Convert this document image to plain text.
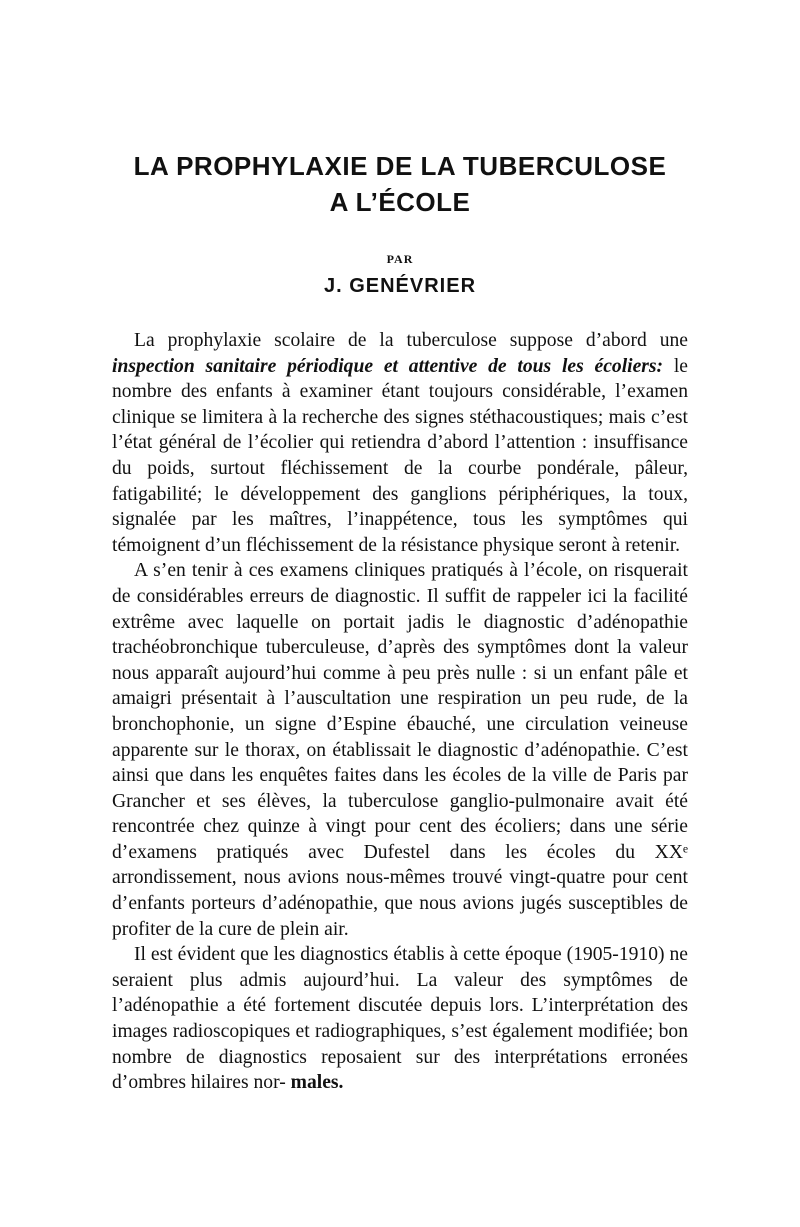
LA PROPHYLAXIE DE LA TUBERCULOSE
A L’ÉCOLE
PAR
J. GENÉVRIER

La prophylaxie scolaire de la tuberculose suppose d’abord une inspection sanitaire périodique et attentive de tous les écoliers: le nombre des enfants à examiner étant toujours considérable, l’examen clinique se limitera à la recherche des signes stéthacoustiques; mais c’est l’état général de l’écolier qui retiendra d’abord l’attention : insuffisance du poids, surtout fléchissement de la courbe pondérale, pâleur, fatigabilité; le développement des ganglions périphériques, la toux, signalée par les maîtres, l’inappétence, tous les symptômes qui témoignent d’un fléchissement de la résistance physique seront à retenir.

A s’en tenir à ces examens cliniques pratiqués à l’école, on risquerait de considérables erreurs de diagnostic. Il suffit de rappeler ici la facilité extrême avec laquelle on portait jadis le diagnostic d’adénopathie trachéobronchique tuberculeuse, d’après des symptômes dont la valeur nous apparaît aujourd’hui comme à peu près nulle : si un enfant pâle et amaigri présentait à l’auscultation une respiration un peu rude, de la bronchophonie, un signe d’Espine ébauché, une circulation veineuse apparente sur le thorax, on établissait le diagnostic d’adénopathie. C’est ainsi que dans les enquêtes faites dans les écoles de la ville de Paris par Grancher et ses élèves, la tuberculose ganglio-pulmonaire avait été rencontrée chez quinze à vingt pour cent des écoliers; dans une série d’examens pratiqués avec Dufestel dans les écoles du XXᵉ arrondissement, nous avions nous-mêmes trouvé vingt-quatre pour cent d’enfants porteurs d’adénopathie, que nous avions jugés susceptibles de profiter de la cure de plein air.

Il est évident que les diagnostics établis à cette époque (1905-1910) ne seraient plus admis aujourd’hui. La valeur des symptômes de l’adénopathie a été fortement discutée depuis lors. L’interprétation des images radioscopiques et radiographiques, s’est également modifiée; bon nombre de diagnostics reposaient sur des interprétations erronées d’ombres hilaires nor- males.
